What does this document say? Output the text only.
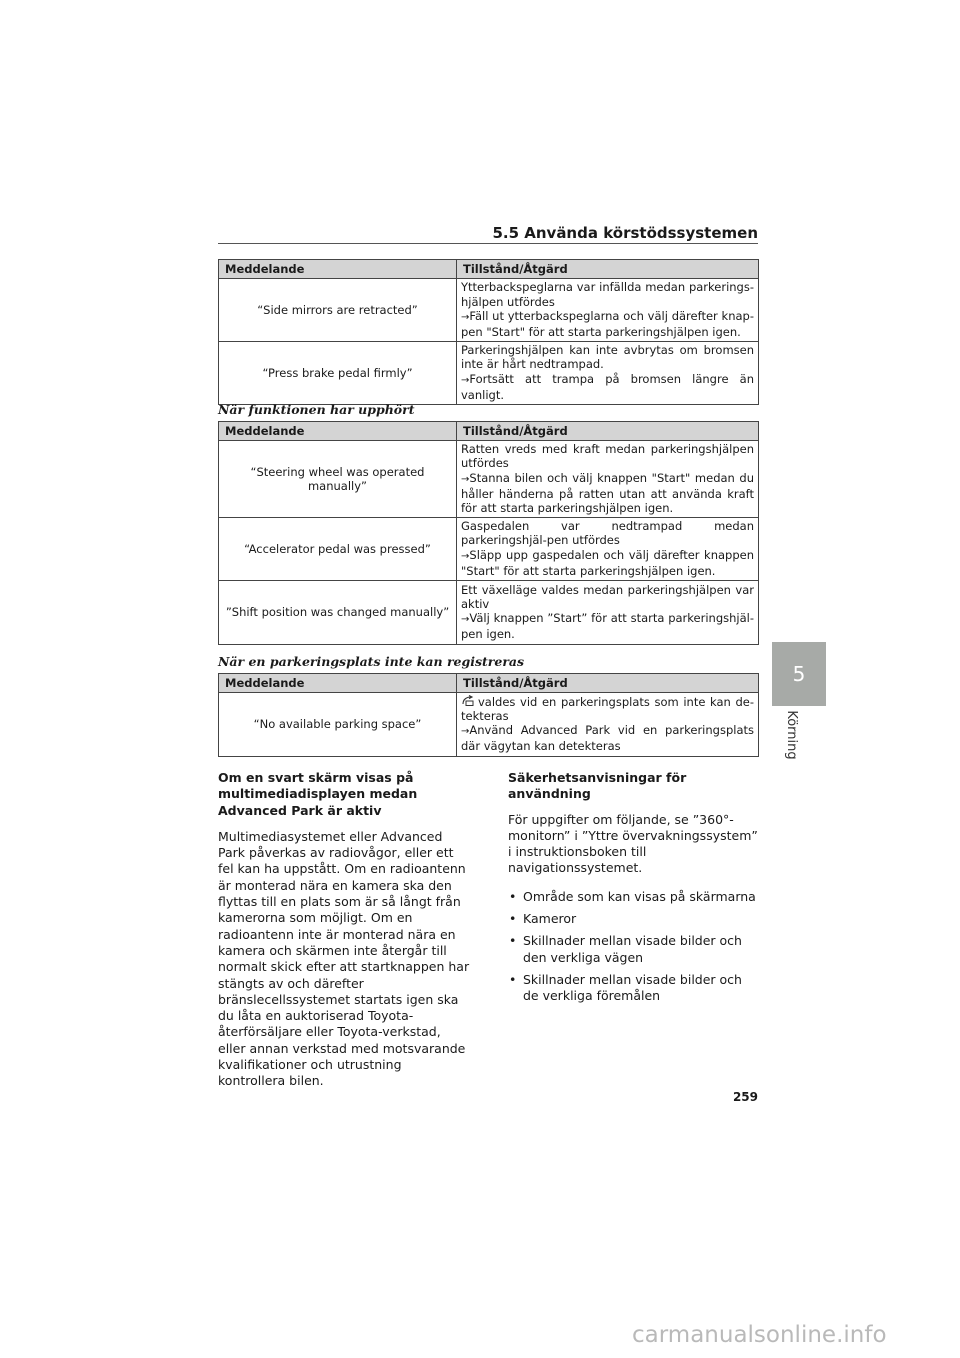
5.5 Använda körstödssystemen
Meddelande	Tillstånd/Åtgärd
“Side mirrors are retracted”	Ytterbackspeglarna var infällda medan parkerings-hjälpen utfördes
→Fäll ut ytterbackspeglarna och välj därefter knap-pen "Start" för att starta parkeringshjälpen igen.

“Press brake pedal firmly”	Parkeringshjälpen kan inte avbrytas om bromsen inte är hårt nedtrampad.
→Fortsätt att trampa på bromsen längre än vanligt.
När funktionen har upphört
Meddelande	Tillstånd/Åtgärd
“Steering wheel was operated manually”	Ratten vreds med kraft medan parkeringshjälpen utfördes
→Stanna bilen och välj knappen "Start" medan du håller händerna på ratten utan att använda kraft för att starta parkeringshjälpen igen.

“Accelerator pedal was pressed”	Gaspedalen var nedtrampad medan parkeringshjäl-pen utfördes
→Släpp upp gaspedalen och välj därefter knappen "Start" för att starta parkeringshjälpen igen.

”Shift position was changed manually”	Ett växelläge valdes medan parkeringshjälpen var aktiv
→Välj knappen ”Start” för att starta parkeringshjäl-pen igen.
När en parkeringsplats inte kan registreras
Meddelande	Tillstånd/Åtgärd
“No available parking space”	valdes vid en parkeringsplats som inte kan de-tekteras
→Använd Advanced Park vid en parkeringsplats där vägytan kan detekteras
Om en svart skärm visas på multimediadisplayen medan Advanced Park är aktiv

Multimediasystemet eller Advanced Park påverkas av radiovågor, eller ett fel kan ha uppstått. Om en radioantenn är monterad nära en kamera ska den flyttas till en plats som är så långt från kamerorna som möjligt. Om en radioantenn inte är monterad nära en kamera och skärmen inte återgår till normalt skick efter att startknappen har stängts av och därefter bränslecellssystemet startats igen ska du låta en auktoriserad Toyota-återförsäljare eller Toyota-verkstad, eller annan verkstad med motsvarande kvalifikationer och utrustning kontrollera bilen.

Säkerhetsanvisningar för användning

För uppgifter om följande, se ”360°-monitorn” i ”Yttre övervakningssystem” i instruktionsboken till navigationssystemet.

• Område som kan visas på skärmarna
• Kameror
• Skillnader mellan visade bilder och den verkliga vägen
• Skillnader mellan visade bilder och de verkliga föremålen
5
Körning
259
carmanualsonline.info
